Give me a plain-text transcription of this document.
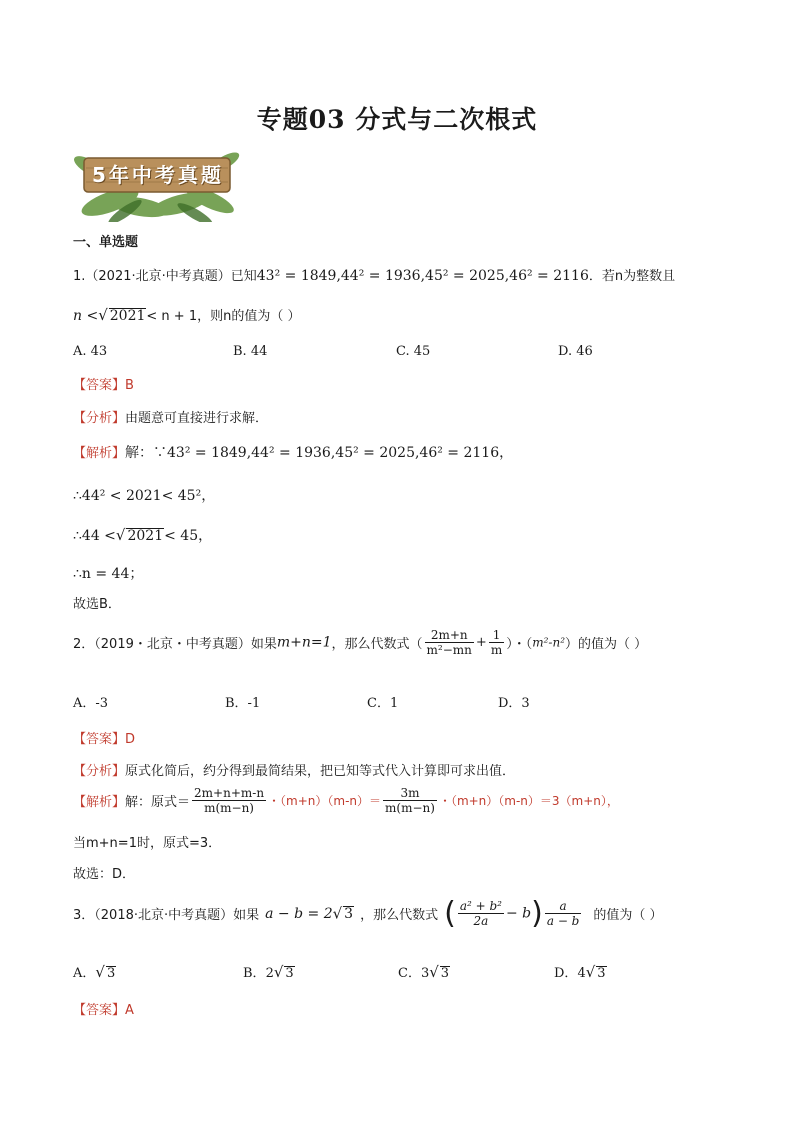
专题03 分式与二次根式
5年中考真题
一、单选题
1.（2021·北京·中考真题）已知43² = 1849,44² = 1936,45² = 2025,46² = 2116．若n为整数且
n <√ 2021< n + 1，则n的值为（ ）
A. 43	B. 44	C. 45	D. 46
【答案】B
【分析】由题意可直接进行求解．
【解析】解：∵43² = 1849,44² = 1936,45² = 2025,46² = 2116，
∴44² < 2021< 45²，
∴44 <√ 2021< 45，
∴n = 44；
故选B．
2．（2019・北京・中考真题）如果m+n=1，那么代数式（ $\frac{2m+n}{\text{m²−mn}} + \frac{1}{m}$ ）・（m²-n²）的值为（ ）
A．-3	B．-1	C．1	D．3
【答案】D
【分析】原式化简后，约分得到最简结果，把已知等式代入计算即可求出值．
【解析】解：原式＝ $\frac{2m+n+m-n}{m(m-n)}$ ・$(m+n)(m-n)= \frac{3m}{m(m-n)}$ ・（m+n）（m-n）＝3（m+n），
当m+n=1时，原式=3．
故选：D．
3．（2018·北京·中考真题）如果 a − b = 2√ 3 ，那么代数式 ( $\frac{\text{a² + b²}}{2a} - b) \frac{a}{a - b}$ 的值为（ ）
A．√ 3	B．2√ 3	C．3√ 3	D．4√ 3
【答案】A
